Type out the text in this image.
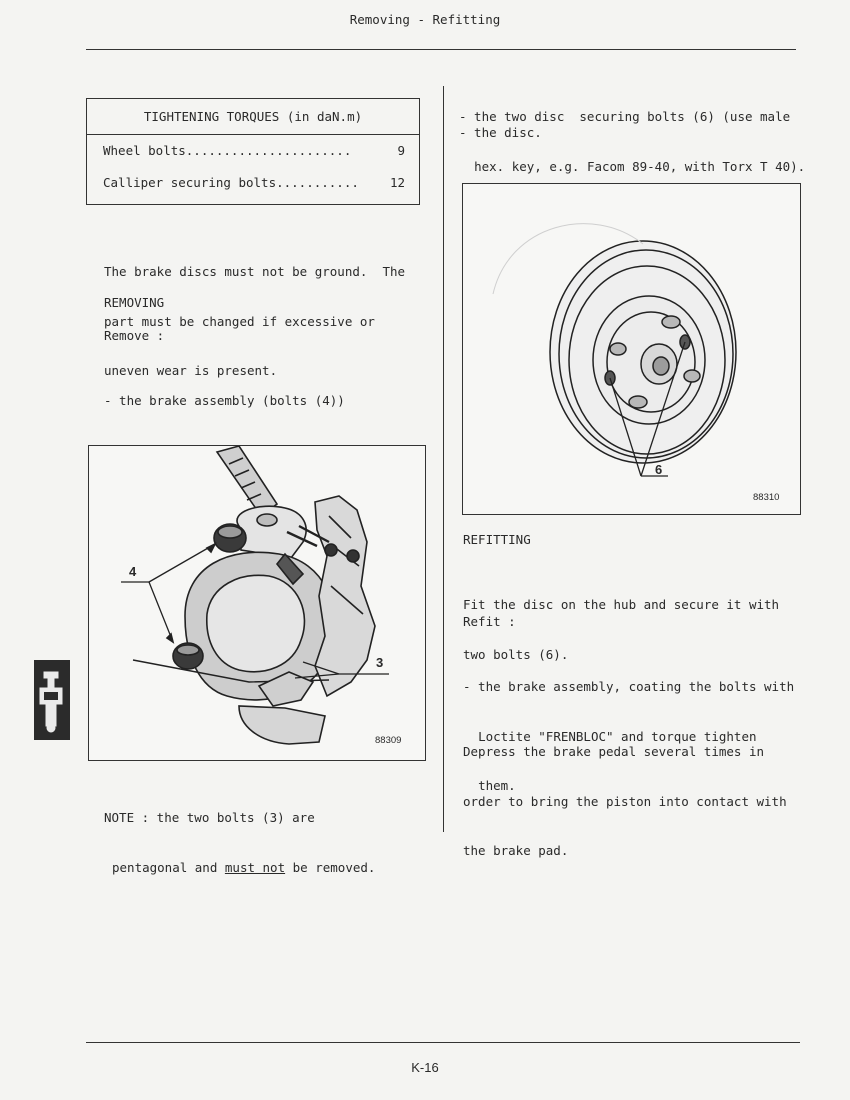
Removing - Refitting
TIGHTENING TORQUES (in daN.m)
Wheel bolts......................	9
Calliper securing bolts........... 12

The brake discs must not be ground.  The

part must be changed if excessive or

uneven wear is present.

REMOVING
Remove :

- the brake assembly (bolts (4))

4
3
88309

NOTE : the two bolts (3) are

pentagonal and must not be removed.

- the two disc  securing bolts (6) (use male

hex. key, e.g. Facom 89-40, with Torx T 40).

- the disc.
6
88310
REFITTING

Fit the disc on the hub and secure it with

two bolts (6).

Refit :

- the brake assembly, coating the bolts with

Loctite "FRENBLOC" and torque tighten

them.

Depress the brake pedal several times in

order to bring the piston into contact with

the brake pad.

K-16
